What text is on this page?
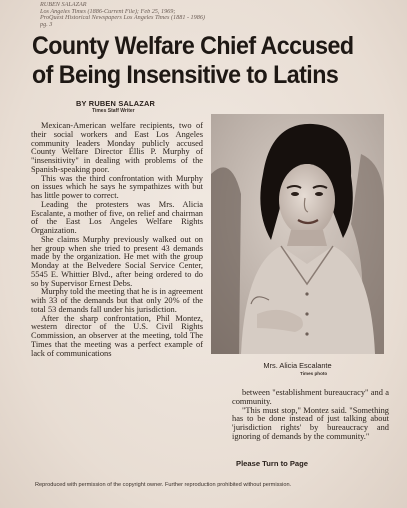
RUBEN SALAZAR
Los Angeles Times (1886-Current File); Feb 25, 1969;
ProQuest Historical Newspapers Los Angeles Times (1881 - 1986)
pg. 3
County Welfare Chief Accused
of Being Insensitive to Latins
BY RUBEN SALAZAR
Times Staff Writer

Mexican-American welfare recipients, two of their social workers and East Los Angeles community leaders Monday publicly accused County Welfare Director Ellis P. Murphy of "insensitivity" in dealing with problems of the Spanish-speaking poor.

This was the third confrontation with Murphy on issues which he says he sympathizes with but has little power to correct.

Leading the protesters was Mrs. Alicia Escalante, a mother of five, on relief and chairman of the East Los Angeles Welfare Rights Organization.

She claims Murphy previously walked out on her group when she tried to present 43 demands made by the organization. He met with the group Monday at the Belvedere Social Service Center, 5545 E. Whittier Blvd., after being ordered to do so by Supervisor Ernest Debs.

Murphy told the meeting that he is in agreement with 33 of the demands but that only 20% of the total 53 demands fall under his jurisdiction.

After the sharp confrontation, Phil Montez, western director of the U.S. Civil Rights Commission, an observer at the meeting, told The Times that the meeting was a perfect example of lack of communications

Mrs. Alicia Escalante
Times photo

between "establishment bureaucracy" and a community.

"This must stop," Montez said. "Something has to be done instead of just talking about 'jurisdiction rights' by bureaucracy and ignoring of demands by the community."

Please Turn to Page
Reproduced with permission of the copyright owner. Further reproduction prohibited without permission.
